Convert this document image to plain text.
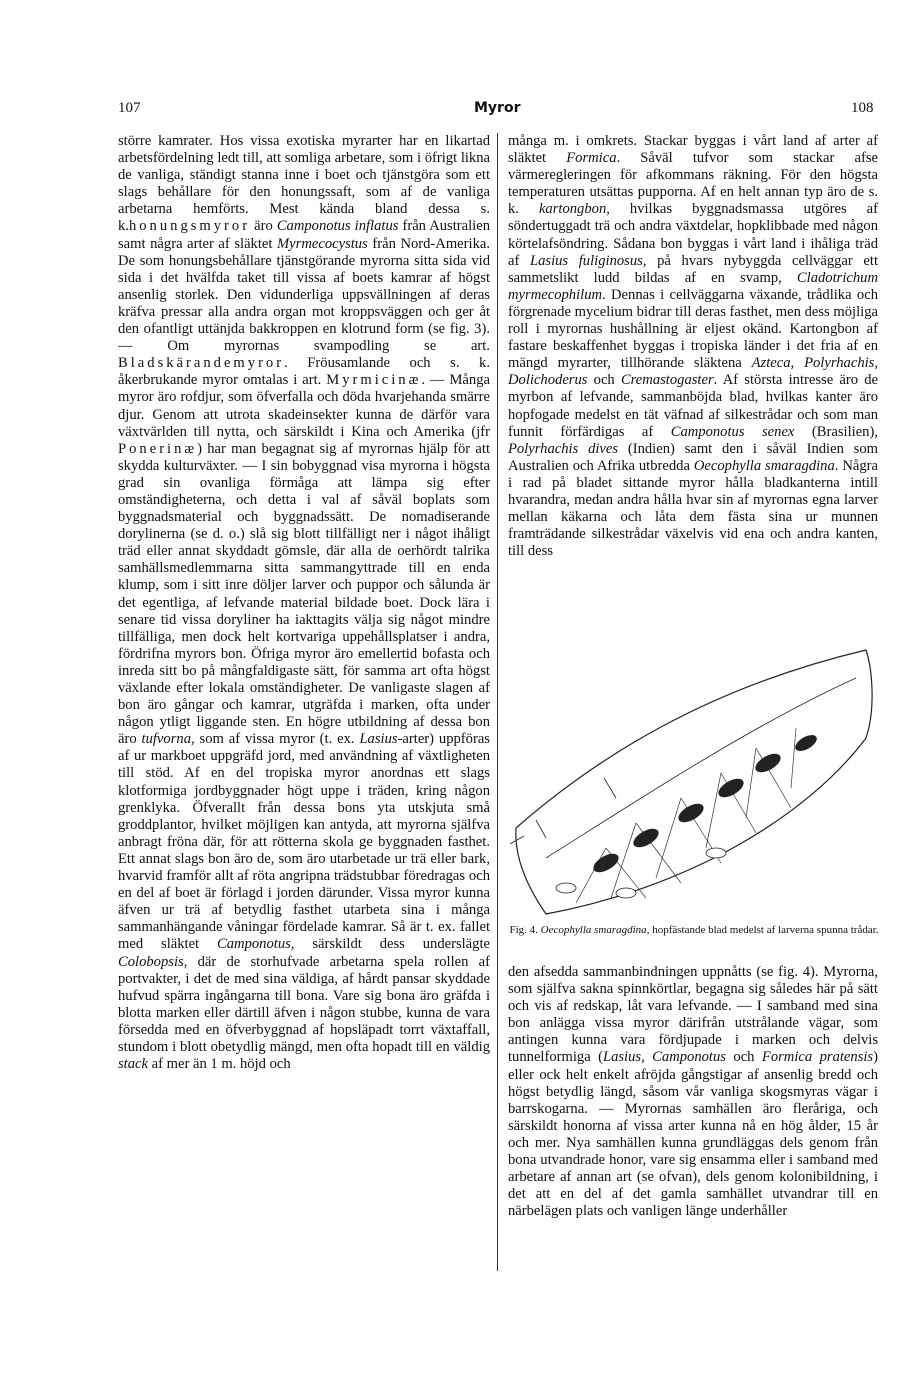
107	Myror	108

större kamrater. Hos vissa exotiska myrarter har en likartad arbetsfördelning ledt till, att somliga arbetare, som i öfrigt likna de vanliga, ständigt stanna inne i boet och tjänstgöra som ett slags behållare för den honungssaft, som af de vanliga arbetarna hemförts. Mest kända bland dessa s. k.honungsmyror äro Camponotus inflatus från Australien samt några arter af släktet Myrmecocystus från Nord-Amerika. De som honungsbehållare tjänstgörande myrorna sitta sida vid sida i det hvälfda taket till vissa af boets kamrar af högst ansenlig storlek. Den vidunderliga uppsvällningen af deras kräfva pressar alla andra organ mot kroppsväggen och ger åt den ofantligt uttänjda bakkroppen en klotrund form (se fig. 3). — Om myrornas svampodling se art. Bladskärandemyror. Fröusamlande och s. k. åkerbrukande myror omtalas i art. Myrmicinæ. — Många myror äro rofdjur, som öfverfalla och döda hvarjehanda smärre djur. Genom att utrota skadeinsekter kunna de därför vara växtvärlden till nytta, och särskildt i Kina och Amerika (jfr Ponerinæ) har man begagnat sig af myrornas hjälp för att skydda kulturväxter. — I sin bobyggnad visa myrorna i högsta grad sin ovanliga förmåga att lämpa sig efter omständigheterna, och detta i val af såväl boplats som byggnadsmaterial och byggnadssätt. De nomadiserande dorylinerna (se d. o.) slå sig blott tillfälligt ner i något ihåligt träd eller annat skyddadt gömsle, där alla de oerhördt talrika samhällsmedlemmarna sitta sammangyttrade till en enda klump, som i sitt inre döljer larver och puppor och sålunda är det egentliga, af lefvande material bildade boet. Dock lära i senare tid vissa doryliner ha iakttagits välja sig något mindre tillfälliga, men dock helt kortvariga uppehållsplatser i andra, fördrifna myrors bon. Öfriga myror äro emellertid bofasta och inreda sitt bo på mångfaldigaste sätt, för samma art ofta högst växlande efter lokala omständigheter. De vanligaste slagen af bon äro gångar och kamrar, utgräfda i marken, ofta under någon ytligt liggande sten. En högre utbildning af dessa bon äro tufvorna, som af vissa myror (t. ex. Lasius-arter) uppföras af ur markboet uppgräfd jord, med användning af växtligheten till stöd. Af en del tropiska myror anordnas ett slags klotformiga jordbyggnader högt uppe i träden, kring någon grenklyka. Öfverallt från dessa bons yta utskjuta små groddplantor, hvilket möjligen kan antyda, att myrorna själfva anbragt fröna där, för att rötterna skola ge byggnaden fasthet. Ett annat slags bon äro de, som äro utarbetade ur trä eller bark, hvarvid framför allt af röta angripna trädstubbar föredragas och en del af boet är förlagd i jorden därunder. Vissa myror kunna äfven ur trä af betydlig fasthet utarbeta sina i många sammanhängande våningar fördelade kamrar. Så är t. ex. fallet med släktet Camponotus, särskildt dess underslägte Colobopsis, där de storhufvade arbetarna spela rollen af portvakter, i det de med sina väldiga, af hårdt pansar skyddade hufvud spärra ingångarna till bona. Vare sig bona äro gräfda i blotta marken eller därtill äfven i någon stubbe, kunna de vara försedda med en öfverbyggnad af hopsläpadt torrt växtaffall, stundom i blott obetydlig mängd, men ofta hopadt till en väldig stack af mer än 1 m. höjd och

många m. i omkrets. Stackar byggas i vårt land af arter af släktet Formica. Såväl tufvor som stackar afse värmeregleringen för afkommans räkning. För den högsta temperaturen utsättas pupporna. Af en helt annan typ äro de s. k. kartongbon, hvilkas byggnadsmassa utgöres af söndertuggadt trä och andra växtdelar, hopklibbade med någon körtelafsöndring. Sådana bon byggas i vårt land i ihåliga träd af Lasius fuliginosus, på hvars nybyggda cellväggar ett sammetslikt ludd bildas af en svamp, Cladotrichum myrmecophilum. Dennas i cellväggarna växande, trådlika och förgrenade mycelium bidrar till deras fasthet, men dess möjliga roll i myrornas hushållning är eljest okänd. Kartongbon af fastare beskaffenhet byggas i tropiska länder i det fria af en mängd myrarter, tillhörande släktena Azteca, Polyrhachis, Dolichoderus och Cremastogaster. Af största intresse äro de myrbon af lefvande, sammanböjda blad, hvilkas kanter äro hopfogade medelst en tät väfnad af silkestrådar och som man funnit förfärdigas af Camponotus senex (Brasilien), Polyrhachis dives (Indien) samt den i såväl Indien som Australien och Afrika utbredda Oecophylla smaragdina. Några i rad på bladet sittande myror hålla bladkanterna intill hvarandra, medan andra hålla hvar sin af myrornas egna larver mellan käkarna och låta dem fästa sina ur munnen framträdande silkestrådar växelvis vid ena och andra kanten, till dess

Fig. 4. Oecophylla smaragdina, hopfästande blad medelst af larverna spunna trådar.

den afsedda sammanbindningen uppnåtts (se fig. 4). Myrorna, som själfva sakna spinnkörtlar, begagna sig således här på sätt och vis af redskap, låt vara lefvande. — I samband med sina bon anlägga vissa myror därifrån utstrålande vägar, som antingen kunna vara fördjupade i marken och delvis tunnelformiga (Lasius, Camponotus och Formica pratensis) eller ock helt enkelt afröjda gångstigar af ansenlig bredd och högst betydlig längd, såsom vår vanliga skogsmyras vägar i barrskogarna. — Myrornas samhällen äro fleråriga, och särskildt honorna af vissa arter kunna nå en hög ålder, 15 år och mer. Nya samhällen kunna grundläggas dels genom från bona utvandrade honor, vare sig ensamma eller i samband med arbetare af annan art (se ofvan), dels genom kolonibildning, i det att en del af det gamla samhället utvandrar till en närbelägen plats och vanligen länge underhåller
